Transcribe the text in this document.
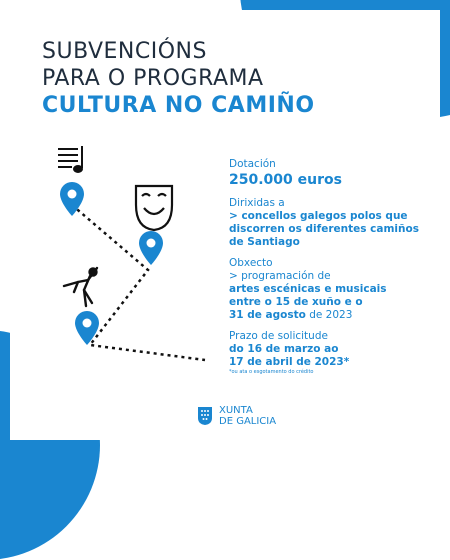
#axudas2023
SUBVENCIÓNS
PARA O PROGRAMA
CULTURA NO CAMIÑO
Dotación
250.000 euros
Dirixidas a
> concellos galegos polos que
discorren os diferentes camiños
de Santiago
Obxecto
> programación de
artes escénicas e musicais
entre o 15 de xuño e o
31 de agosto de 2023
Prazo de solicitude
do 16 de marzo ao
17 de abril de 2023*
*ou ata o esgotamento do crédito
XUNTA
DE GALICIA
